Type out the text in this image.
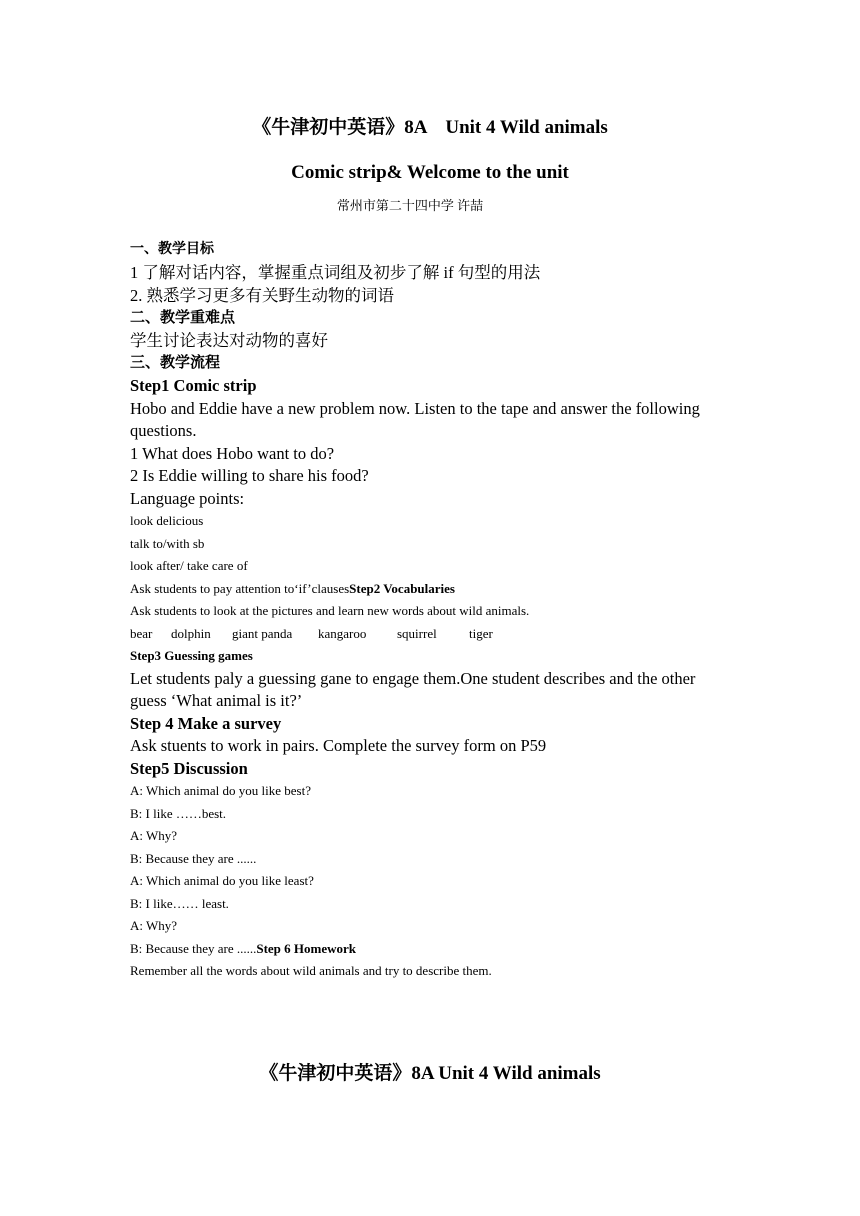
《牛津初中英语》8A　Unit 4 Wild animals
Comic strip& Welcome to the unit
常州市第二十四中学 许喆
一、教学目标
1 了解对话内容，掌握重点词组及初步了解 if 句型的用法
2. 熟悉学习更多有关野生动物的词语
二、教学重难点
学生讨论表达对动物的喜好
三、教学流程
Step1 Comic strip
Hobo and Eddie have a new problem now. Listen to the tape and answer the following
questions.
1 What does Hobo want to do?
2 Is Eddie willing to share his food?
Language points:
look delicious
talk to/with sb
look after/ take care of
Ask students to pay attention to‘if’clausesStep2 Vocabularies
Ask students to look at the pictures and learn new words about wild animals.
bear dolphin giant panda kangaroo squirrel tiger
Step3 Guessing games
Let students paly a guessing gane to engage them.One student describes and the other
guess ‘What animal is it?’
Step 4 Make a survey
Ask stuents to work in pairs. Complete the survey form on P59
Step5 Discussion
A: Which animal do you like best?
B: I like ……best.
A: Why?
B: Because they are ......
A: Which animal do you like least?
B: I like…… least.
A: Why?
B: Because they are ......Step 6 Homework
Remember all the words about wild animals and try to describe them.
《牛津初中英语》8A Unit 4 Wild animals
